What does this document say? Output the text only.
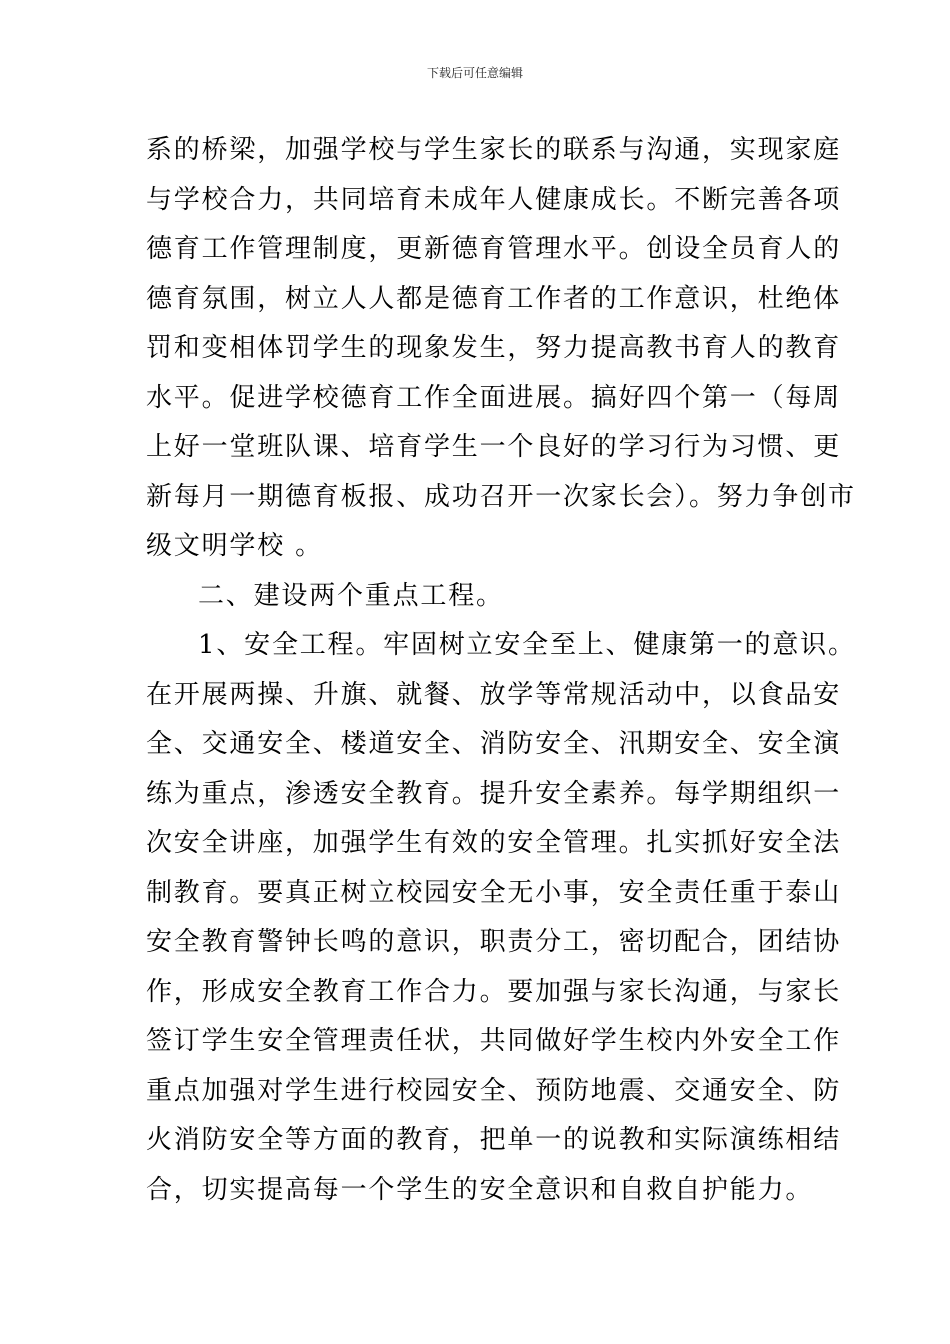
下载后可任意编辑
系的桥梁，加强学校与学生家长的联系与沟通，实现家庭
与学校合力，共同培育未成年人健康成长。不断完善各项
德育工作管理制度，更新德育管理水平。创设全员育人的
德育氛围，树立人人都是德育工作者的工作意识，杜绝体
罚和变相体罚学生的现象发生，努力提高教书育人的教育
水平。促进学校德育工作全面进展。搞好四个第一（每周
上好一堂班队课、培育学生一个良好的学习行为习惯、更
新每月一期德育板报、成功召开一次家长会）。努力争创市
级文明学校 。
二、建设两个重点工程。
1、安全工程。牢固树立安全至上、健康第一的意识。
在开展两操、升旗、就餐、放学等常规活动中，以食品安
全、交通安全、楼道安全、消防安全、汛期安全、安全演
练为重点，渗透安全教育。提升安全素养。每学期组织一
次安全讲座，加强学生有效的安全管理。扎实抓好安全法
制教育。要真正树立校园安全无小事，安全责任重于泰山
安全教育警钟长鸣的意识，职责分工，密切配合，团结协
作，形成安全教育工作合力。要加强与家长沟通，与家长
签订学生安全管理责任状，共同做好学生校内外安全工作
重点加强对学生进行校园安全、预防地震、交通安全、防
火消防安全等方面的教育，把单一的说教和实际演练相结
合，切实提高每一个学生的安全意识和自救自护能力。
